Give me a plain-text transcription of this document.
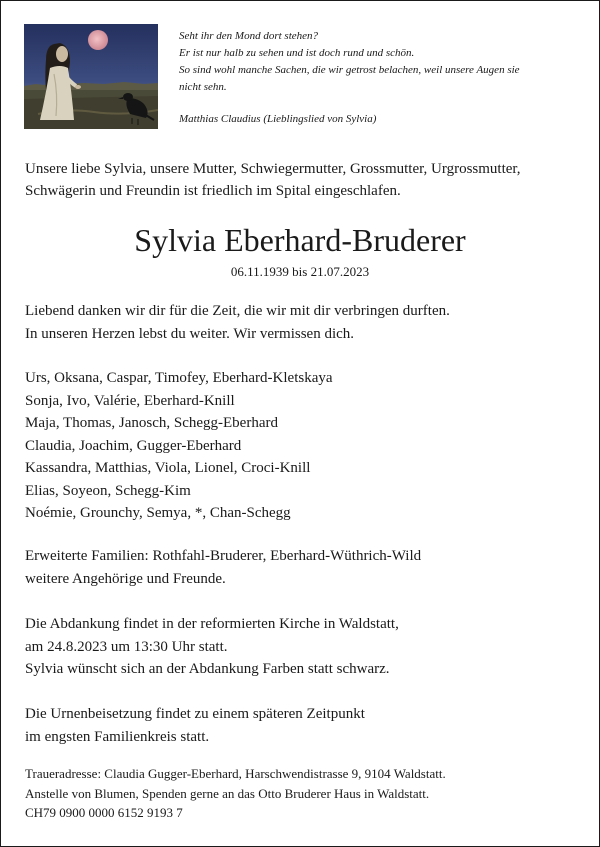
Seht ihr den Mond dort stehen?

Er ist nur halb zu sehen und ist doch rund und schön.

So sind wohl manche Sachen, die wir getrost belachen, weil unsere Augen sie

nicht sehn.

Matthias Claudius (Lieblingslied von Sylvia)

Unsere liebe Sylvia, unsere Mutter, Schwiegermutter, Grossmutter, Urgrossmutter,
Schwägerin und Freundin ist friedlich im Spital eingeschlafen.
Sylvia Eberhard-Bruderer
06.11.1939 bis 21.07.2023

Liebend danken wir dir für die Zeit, die wir mit dir verbringen durften.

In unseren Herzen lebst du weiter. Wir vermissen dich.

Urs, Oksana, Caspar, Timofey, Eberhard-Kletskaya

Sonja, Ivo, Valérie, Eberhard-Knill

Maja, Thomas, Janosch, Schegg-Eberhard

Claudia, Joachim, Gugger-Eberhard

Kassandra, Matthias, Viola, Lionel, Croci-Knill

Elias, Soyeon, Schegg-Kim

Noémie, Grounchy, Semya, *, Chan-Schegg

Erweiterte Familien: Rothfahl-Bruderer, Eberhard-Wüthrich-Wild

weitere Angehörige und Freunde.

Die Abdankung findet in der reformierten Kirche in Waldstatt,

am 24.8.2023 um 13:30 Uhr statt.

Sylvia wünscht sich an der Abdankung Farben statt schwarz.

Die Urnenbeisetzung findet zu einem späteren Zeitpunkt

im engsten Familienkreis statt.

Traueradresse: Claudia Gugger-Eberhard, Harschwendistrasse 9, 9104 Waldstatt.

Anstelle von Blumen, Spenden gerne an das Otto Bruderer Haus in Waldstatt.

CH79 0900 0000 6152 9193 7
